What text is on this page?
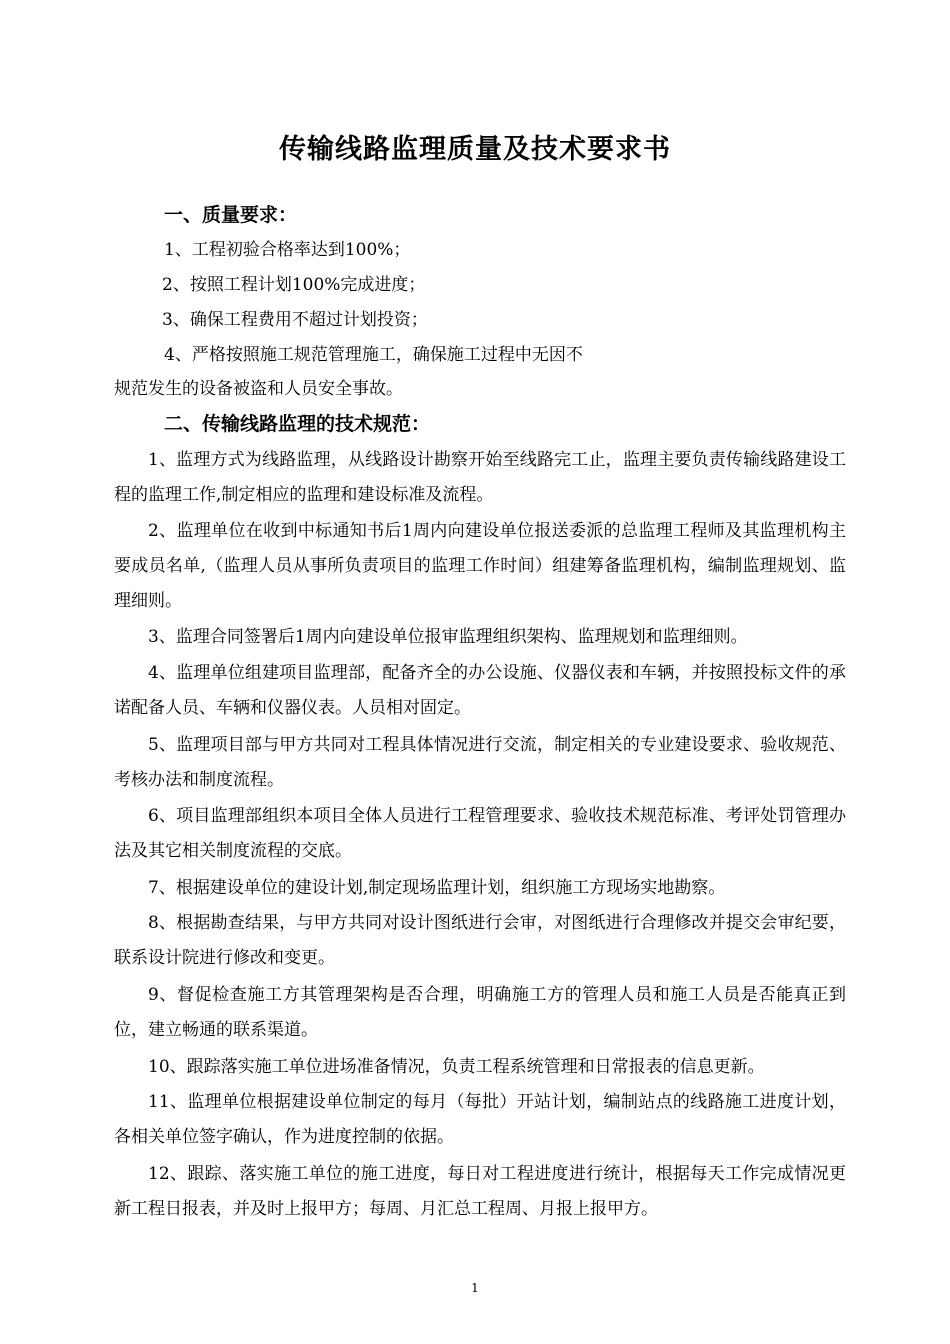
传输线路监理质量及技术要求书
一、质量要求：
1、工程初验合格率达到100%；
2、按照工程计划100%完成进度；
3、确保工程费用不超过计划投资；
4、严格按照施工规范管理施工，确保施工过程中无因不
规范发生的设备被盗和人员安全事故。
二、传输线路监理的技术规范：
1、监理方式为线路监理，从线路设计勘察开始至线路完工止，监理主要负责传输线路建设工程的监理工作,制定相应的监理和建设标准及流程。
2、监理单位在收到中标通知书后1周内向建设单位报送委派的总监理工程师及其监理机构主要成员名单,（监理人员从事所负责项目的监理工作时间）组建筹备监理机构，编制监理规划、监理细则。
3、监理合同签署后1周内向建设单位报审监理组织架构、监理规划和监理细则。
4、监理单位组建项目监理部，配备齐全的办公设施、仪器仪表和车辆，并按照投标文件的承诺配备人员、车辆和仪器仪表。人员相对固定。
5、监理项目部与甲方共同对工程具体情况进行交流，制定相关的专业建设要求、验收规范、考核办法和制度流程。
6、项目监理部组织本项目全体人员进行工程管理要求、验收技术规范标准、考评处罚管理办法及其它相关制度流程的交底。
7、根据建设单位的建设计划,制定现场监理计划，组织施工方现场实地勘察。
8、根据勘查结果，与甲方共同对设计图纸进行会审，对图纸进行合理修改并提交会审纪要，联系设计院进行修改和变更。
9、督促检查施工方其管理架构是否合理，明确施工方的管理人员和施工人员是否能真正到位，建立畅通的联系渠道。
10、跟踪落实施工单位进场准备情况，负责工程系统管理和日常报表的信息更新。
11、监理单位根据建设单位制定的每月（每批）开站计划，编制站点的线路施工进度计划，各相关单位签字确认，作为进度控制的依据。
12、跟踪、落实施工单位的施工进度，每日对工程进度进行统计，根据每天工作完成情况更新工程日报表，并及时上报甲方；每周、月汇总工程周、月报上报甲方。
1
